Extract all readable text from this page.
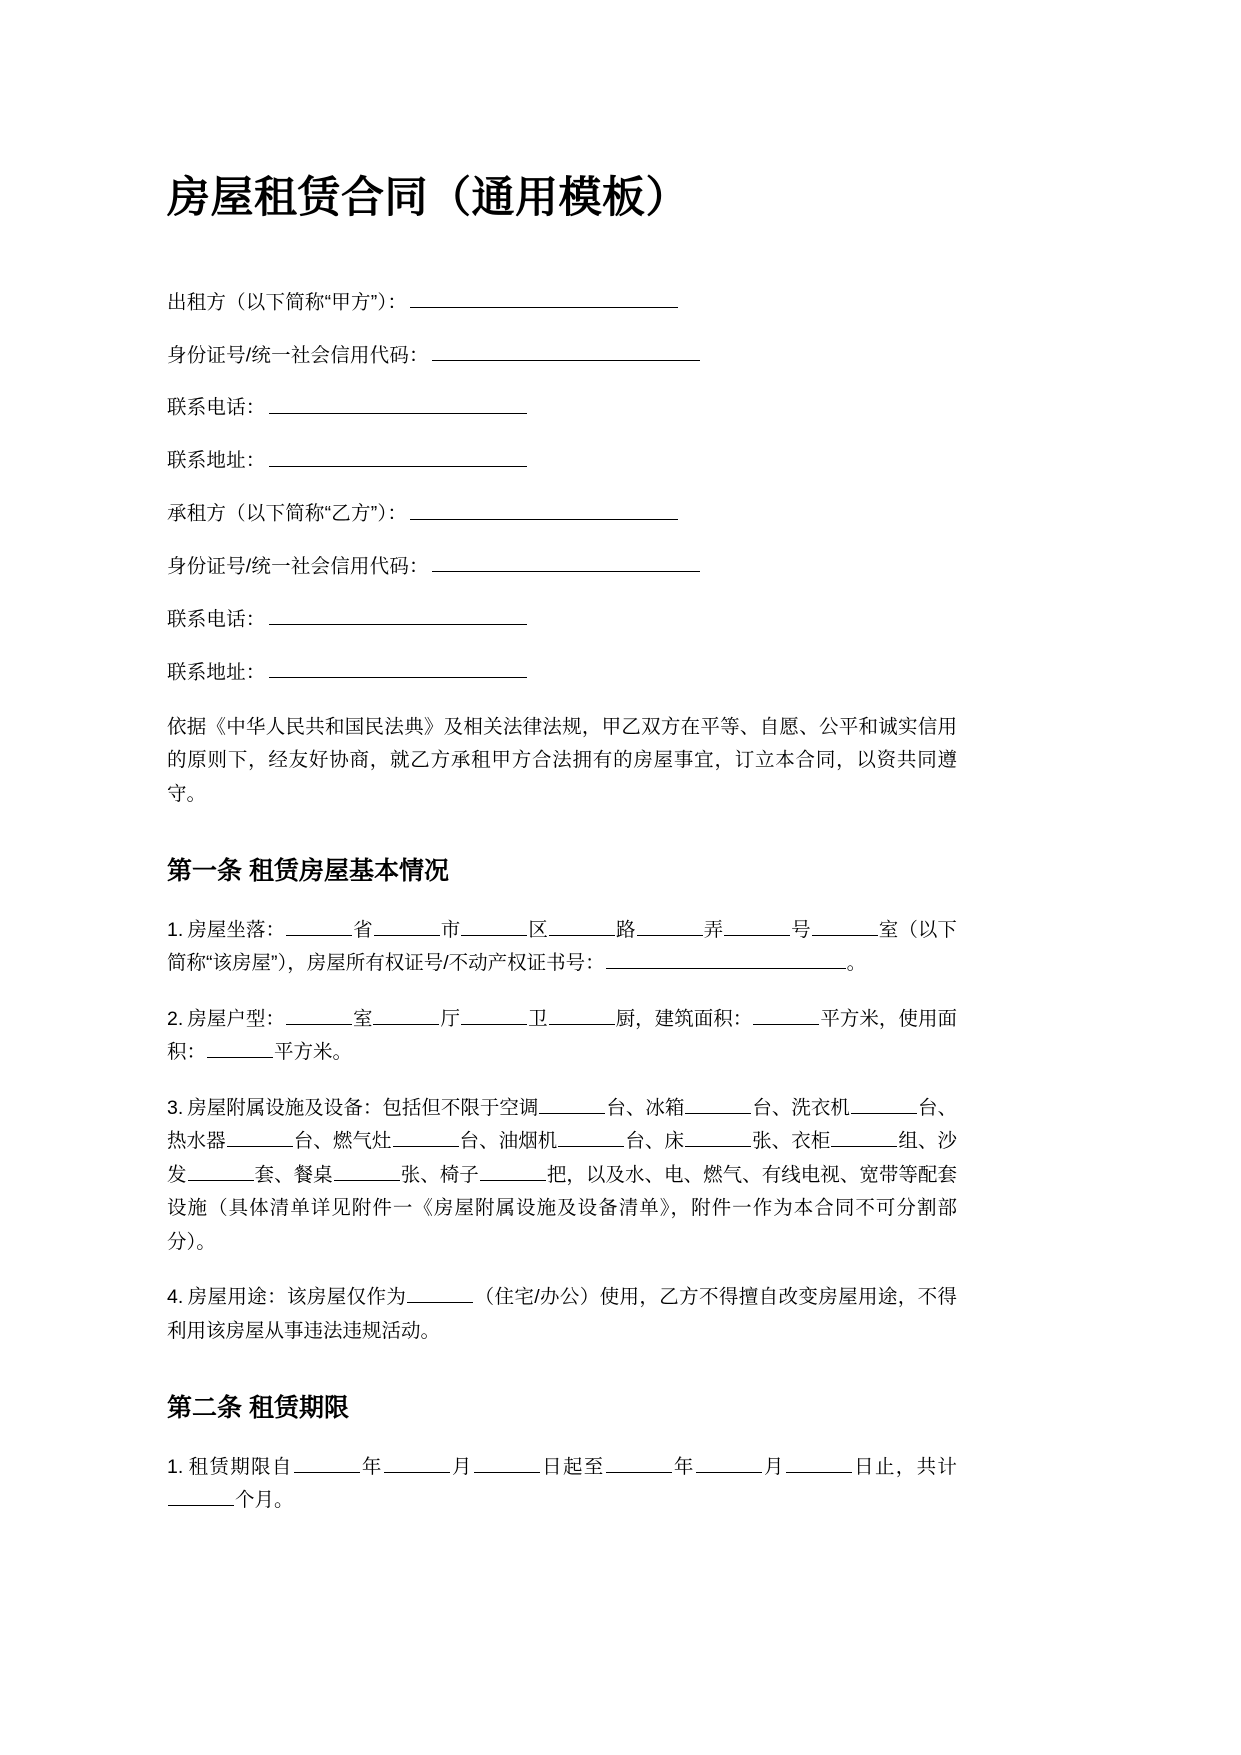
房屋租赁合同（通用模板）
出租方（以下简称“甲方”）：
身份证号/统一社会信用代码：
联系电话：
联系地址：
承租方（以下简称“乙方”）：
身份证号/统一社会信用代码：
联系电话：
联系地址：

依据《中华人民共和国民法典》及相关法律法规，甲乙双方在平等、自愿、公平和诚实信用的原则下，经友好协商，就乙方承租甲方合法拥有的房屋事宜，订立本合同，以资共同遵守。

第一条 租赁房屋基本情况

1. 房屋坐落：	省	市	区	路	弄	号	室（以下简称“该房屋”），房屋所有权证号/不动产权证书号：	。

2. 房屋户型：	室	厅	卫	厨，建筑面积：	平方米，使用面积：	平方米。

3. 房屋附属设施及设备：包括但不限于空调	台、冰箱	台、洗衣机	台、热水器	台、燃气灶	台、油烟机	台、床	张、衣柜	组、沙发	套、餐桌	张、椅子	把，以及水、电、燃气、有线电视、宽带等配套设施（具体清单详见附件一《房屋附属设施及设备清单》，附件一作为本合同不可分割部分）。

4. 房屋用途：该房屋仅作为	（住宅/办公）使用，乙方不得擅自改变房屋用途，不得利用该房屋从事违法违规活动。

第二条 租赁期限

1. 租赁期限自	年	月	日起至	年	月	日止，共计个月。
